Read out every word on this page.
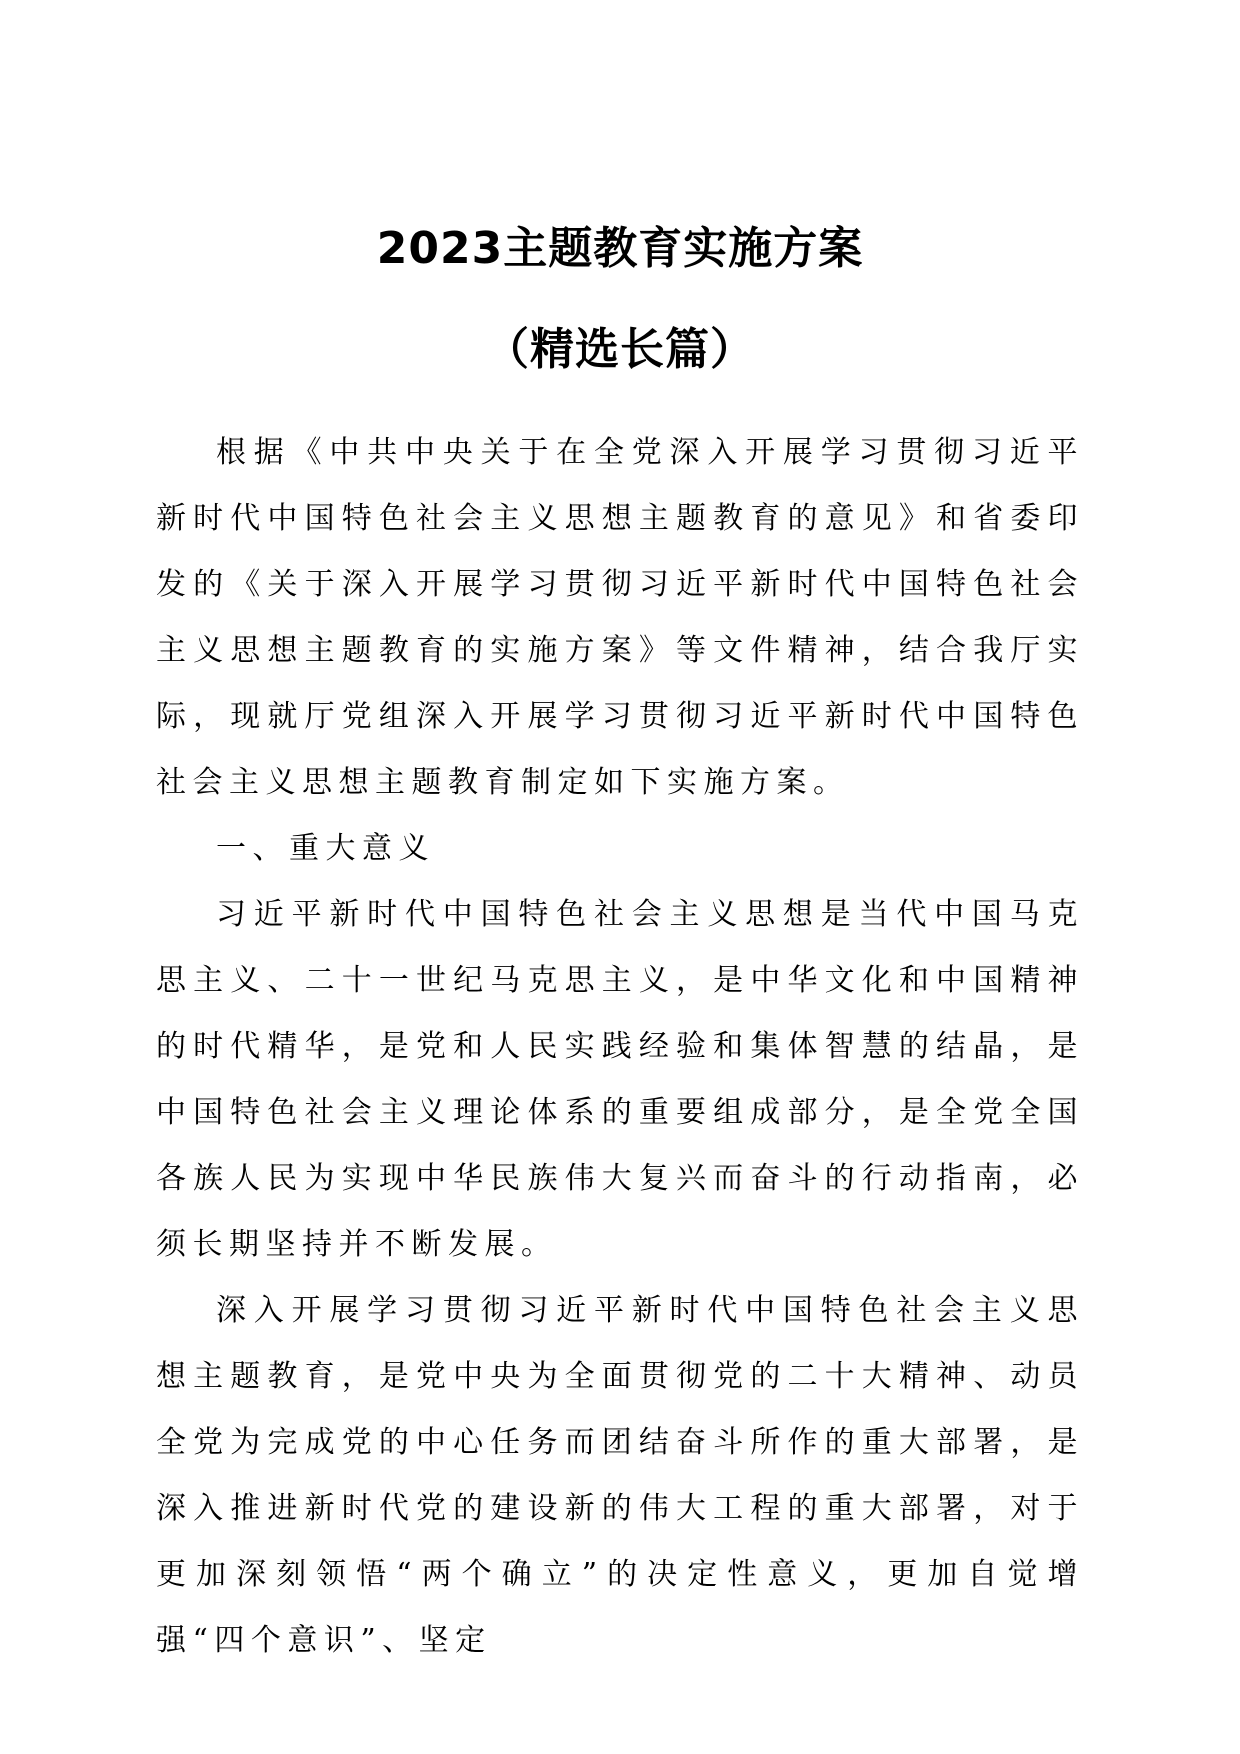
2023主题教育实施方案
（精选长篇）

根据《中共中央关于在全党深入开展学习贯彻习近平新时代中国特色社会主义思想主题教育的意见》和省委印发的《关于深入开展学习贯彻习近平新时代中国特色社会主义思想主题教育的实施方案》等文件精神，结合我厅实际，现就厅党组深入开展学习贯彻习近平新时代中国特色社会主义思想主题教育制定如下实施方案。

一、重大意义

习近平新时代中国特色社会主义思想是当代中国马克思主义、二十一世纪马克思主义，是中华文化和中国精神的时代精华，是党和人民实践经验和集体智慧的结晶，是中国特色社会主义理论体系的重要组成部分，是全党全国各族人民为实现中华民族伟大复兴而奋斗的行动指南，必须长期坚持并不断发展。

深入开展学习贯彻习近平新时代中国特色社会主义思想主题教育，是党中央为全面贯彻党的二十大精神、动员全党为完成党的中心任务而团结奋斗所作的重大部署，是深入推进新时代党的建设新的伟大工程的重大部署，对于更加深刻领悟“两个确立”的决定性意义，更加自觉增强“四个意识”、坚定
